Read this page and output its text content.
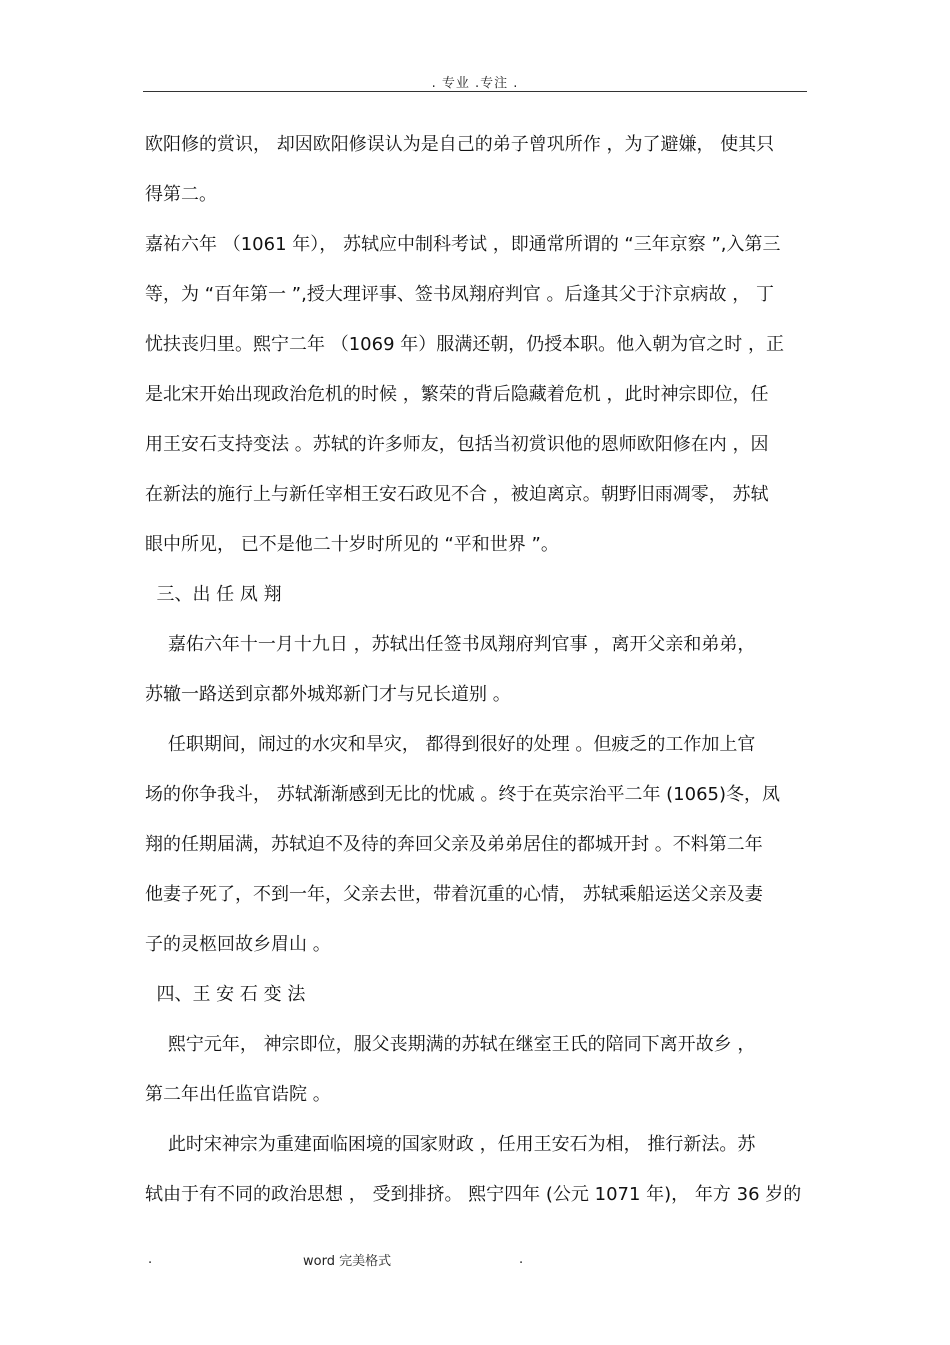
. 专业 .专注 .
欧阳修的赏识， 却因欧阳修误认为是自己的弟子曾巩所作 ，为了避嫌， 使其只
得第二。
嘉祐六年 （1061 年）， 苏轼应中制科考试 ，即通常所谓的 “三年京察 ”,入第三
等，为 “百年第一 ”,授大理评事、签书凤翔府判官 。后逢其父于汴京病故 ， 丁
忧扶丧归里。熙宁二年 （1069 年）服满还朝，仍授本职。他入朝为官之时 ，正
是北宋开始出现政治危机的时候 ，繁荣的背后隐藏着危机 ，此时神宗即位，任
用王安石支持变法 。苏轼的许多师友，包括当初赏识他的恩师欧阳修在内 ，因
在新法的施行上与新任宰相王安石政见不合 ，被迫离京。朝野旧雨凋零， 苏轼
眼中所见， 已不是他二十岁时所见的 “平和世界 ”。
三、出 任 凤 翔
嘉佑六年十一月十九日 ，苏轼出任签书凤翔府判官事 ，离开父亲和弟弟，
苏辙一路送到京都外城郑新门才与兄长道别 。
任职期间，闹过的水灾和旱灾， 都得到很好的处理 。但疲乏的工作加上官
场的你争我斗， 苏轼渐渐感到无比的忧戚 。终于在英宗治平二年 (1065)冬，凤
翔的任期届满，苏轼迫不及待的奔回父亲及弟弟居住的都城开封 。不料第二年
他妻子死了，不到一年，父亲去世，带着沉重的心情， 苏轼乘船运送父亲及妻
子的灵柩回故乡眉山 。
四、王 安 石 变 法
熙宁元年， 神宗即位，服父丧期满的苏轼在继室王氏的陪同下离开故乡 ，
第二年出任监官诰院 。
此时宋神宗为重建面临困境的国家财政 ，任用王安石为相， 推行新法。苏
轼由于有不同的政治思想 ， 受到排挤。 熙宁四年 (公元 1071 年)， 年方 36 岁的
.	word 完美格式	.
